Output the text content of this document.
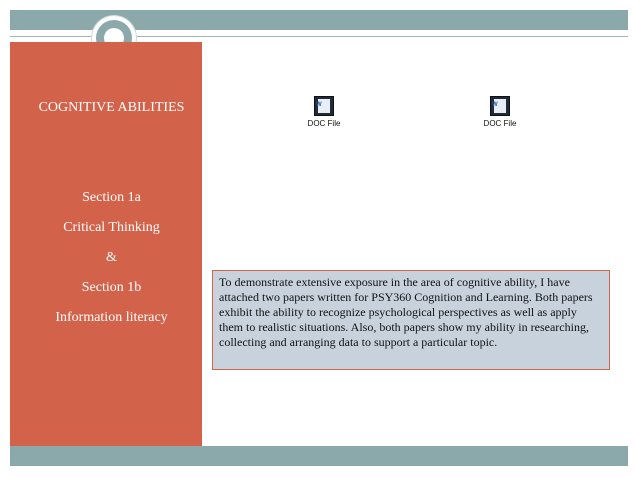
COGNITIVE ABILITIES
Section 1a
Critical Thinking
&
Section 1b
Information literacy
W
DOC File
W
DOC File
To demonstrate extensive exposure in the area of cognitive ability, I have attached two papers written for PSY360 Cognition and Learning. Both papers exhibit the ability to recognize psychological perspectives as well as apply them to realistic situations. Also, both papers show my ability in researching, collecting and arranging data to support a particular topic.
